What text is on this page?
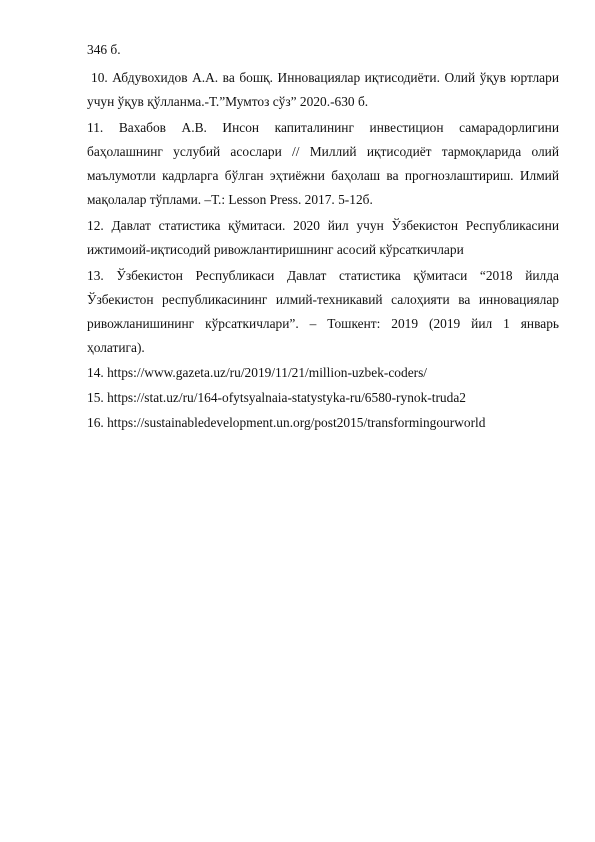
346 б.

10. Абдувохидов А.А. ва бошқ. Инновациялар иқтисодиёти. Олий ўқув юртлари учун ўқув қўлланма.-Т.”Мумтоз сўз” 2020.-630 б.

11. Вахабов А.В. Инсон капиталининг инвестицион самарадорлигини баҳолашнинг услубий асослари // Миллий иқтисодиёт тармоқларида олий маълумотли кадрларга бўлган эҳтиёжни баҳолаш ва прогнозлаштириш. Илмий мақолалар тўплами. –Т.: Lesson Press. 2017. 5-12б.

12. Давлат статистика қўмитаси. 2020 йил учун Ўзбекистон Республикасини ижтимоий-иқтисодий ривожлантиришнинг асосий кўрсаткичлари

13. Ўзбекистон Республикаси Давлат статистика қўмитаси “2018 йилда Ўзбекистон республикасининг илмий-техникавий салоҳияти ва инновациялар ривожланишининг кўрсаткичлари”. – Тошкент: 2019 (2019 йил 1 январь ҳолатига).

14. https://www.gazeta.uz/ru/2019/11/21/million-uzbek-coders/

15. https://stat.uz/ru/164-ofytsyalnaia-statystyka-ru/6580-rynok-truda2

16. https://sustainabledevelopment.un.org/post2015/transformingourworld
